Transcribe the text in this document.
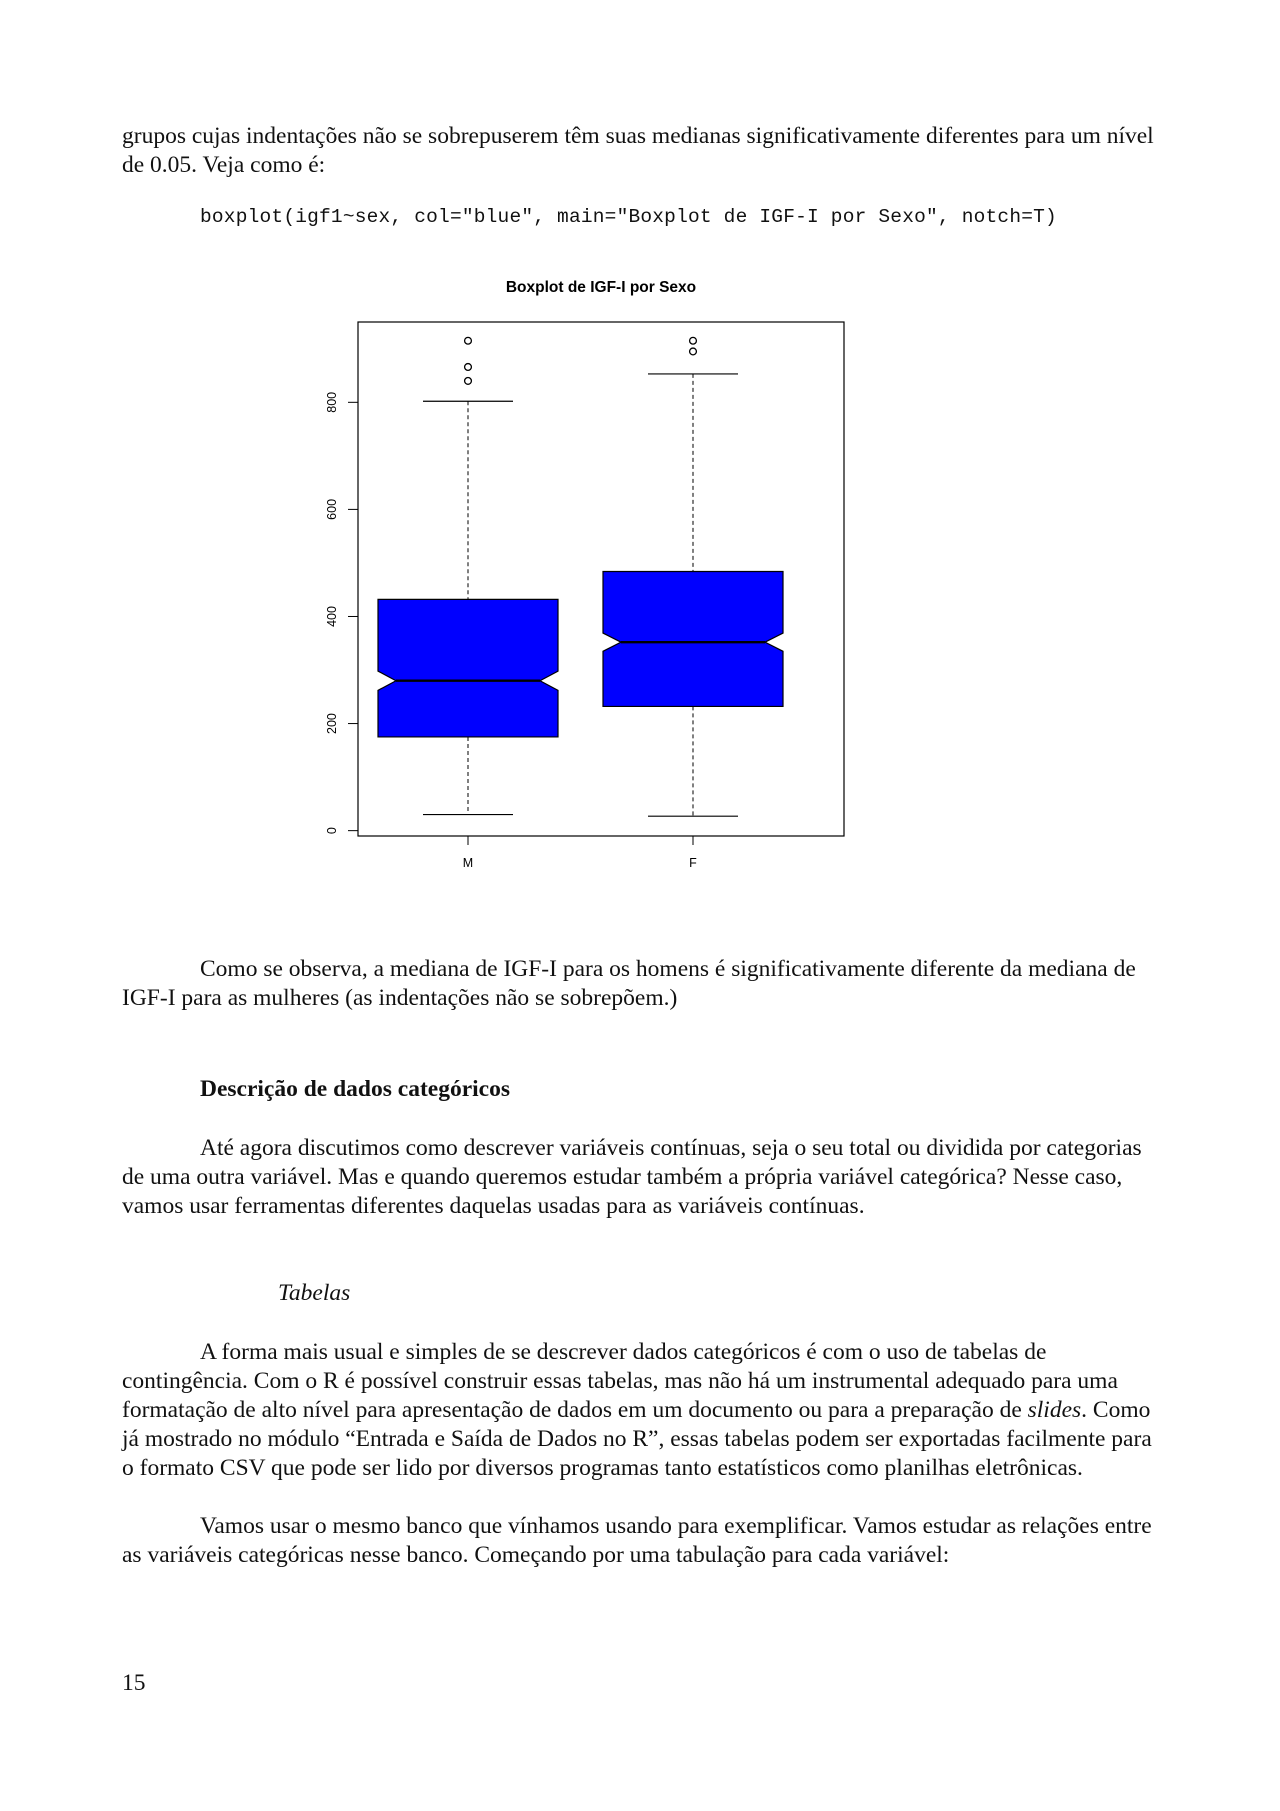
grupos cujas indentações não se sobrepuserem têm suas medianas significativamente diferentes para um nível de 0.05. Veja como é:

boxplot(igf1~sex, col="blue", main="Boxplot de IGF-I por Sexo", notch=T)
Boxplot de IGF-I por Sexo
0
200
400
600
800
M	F

Como se observa, a mediana de IGF-I para os homens é significativamente diferente da mediana de IGF-I para as mulheres (as indentações não se sobrepõem.)

Descrição de dados categóricos

Até agora discutimos como descrever variáveis contínuas, seja o seu total ou dividida por categorias de uma outra variável. Mas e quando queremos estudar também a própria variável categórica? Nesse caso, vamos usar ferramentas diferentes daquelas usadas para as variáveis contínuas.

Tabelas

A forma mais usual e simples de se descrever dados categóricos é com o uso de tabelas de contingência. Com o R é possível construir essas tabelas, mas não há um instrumental adequado para uma formatação de alto nível para apresentação de dados em um documento ou para a preparação de slides. Como já mostrado no módulo “Entrada e Saída de Dados no R”, essas tabelas podem ser exportadas facilmente para o formato CSV que pode ser lido por diversos programas tanto estatísticos como planilhas eletrônicas.

Vamos usar o mesmo banco que vínhamos usando para exemplificar. Vamos estudar as relações entre as variáveis categóricas nesse banco. Começando por uma tabulação para cada variável:

15
